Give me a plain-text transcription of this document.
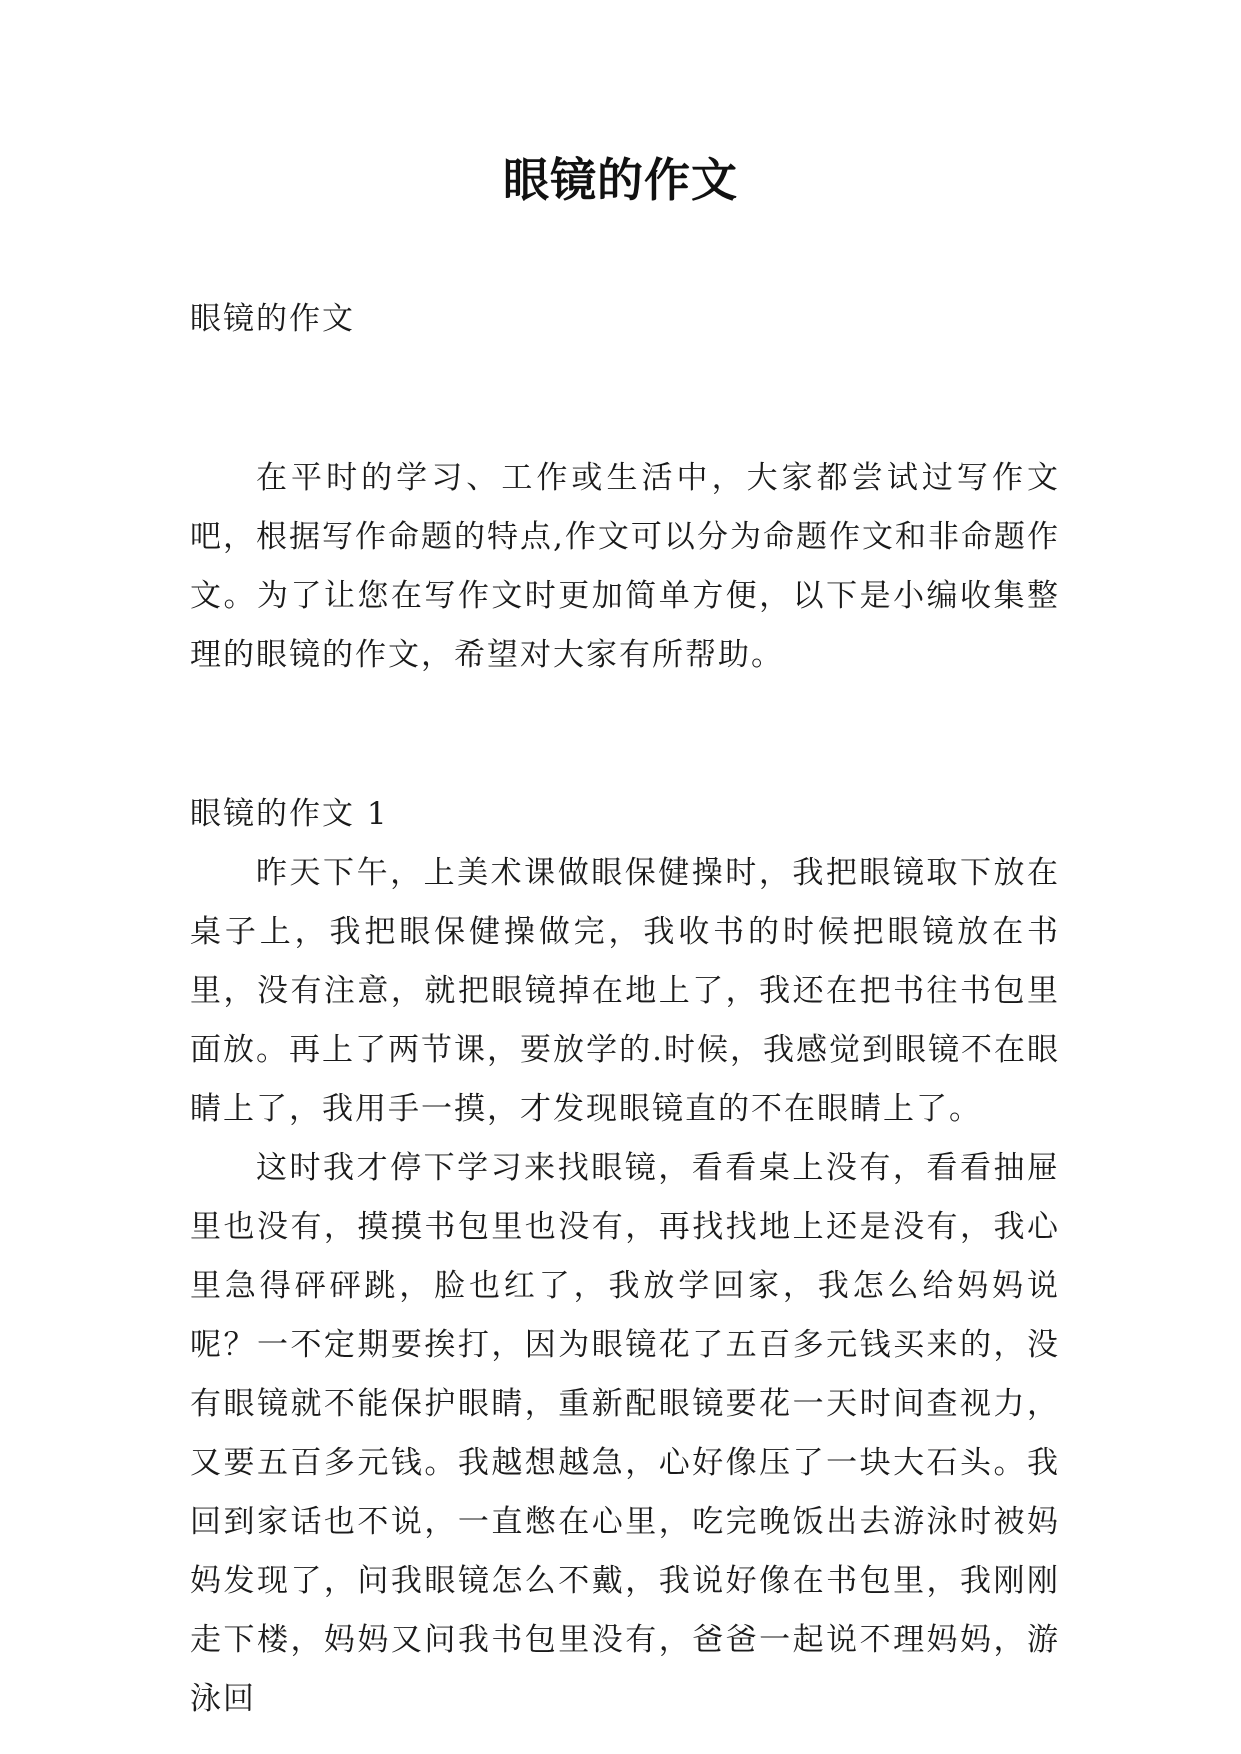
眼镜的作文

眼镜的作文

在平时的学习、工作或生活中，大家都尝试过写作文吧，根据写作命题的特点,作文可以分为命题作文和非命题作文。为了让您在写作文时更加简单方便，以下是小编收集整理的眼镜的作文，希望对大家有所帮助。

眼镜的作文 1

昨天下午，上美术课做眼保健操时，我把眼镜取下放在桌子上，我把眼保健操做完，我收书的时候把眼镜放在书里，没有注意，就把眼镜掉在地上了，我还在把书往书包里面放。再上了两节课，要放学的.时候，我感觉到眼镜不在眼睛上了，我用手一摸，才发现眼镜直的不在眼睛上了。

这时我才停下学习来找眼镜，看看桌上没有，看看抽屉里也没有，摸摸书包里也没有，再找找地上还是没有，我心里急得砰砰跳，脸也红了，我放学回家，我怎么给妈妈说呢？一不定期要挨打，因为眼镜花了五百多元钱买来的，没有眼镜就不能保护眼睛，重新配眼镜要花一天时间查视力，又要五百多元钱。我越想越急，心好像压了一块大石头。我回到家话也不说，一直憋在心里，吃完晚饭出去游泳时被妈妈发现了，问我眼镜怎么不戴，我说好像在书包里，我刚刚走下楼，妈妈又问我书包里没有，爸爸一起说不理妈妈，游泳回
